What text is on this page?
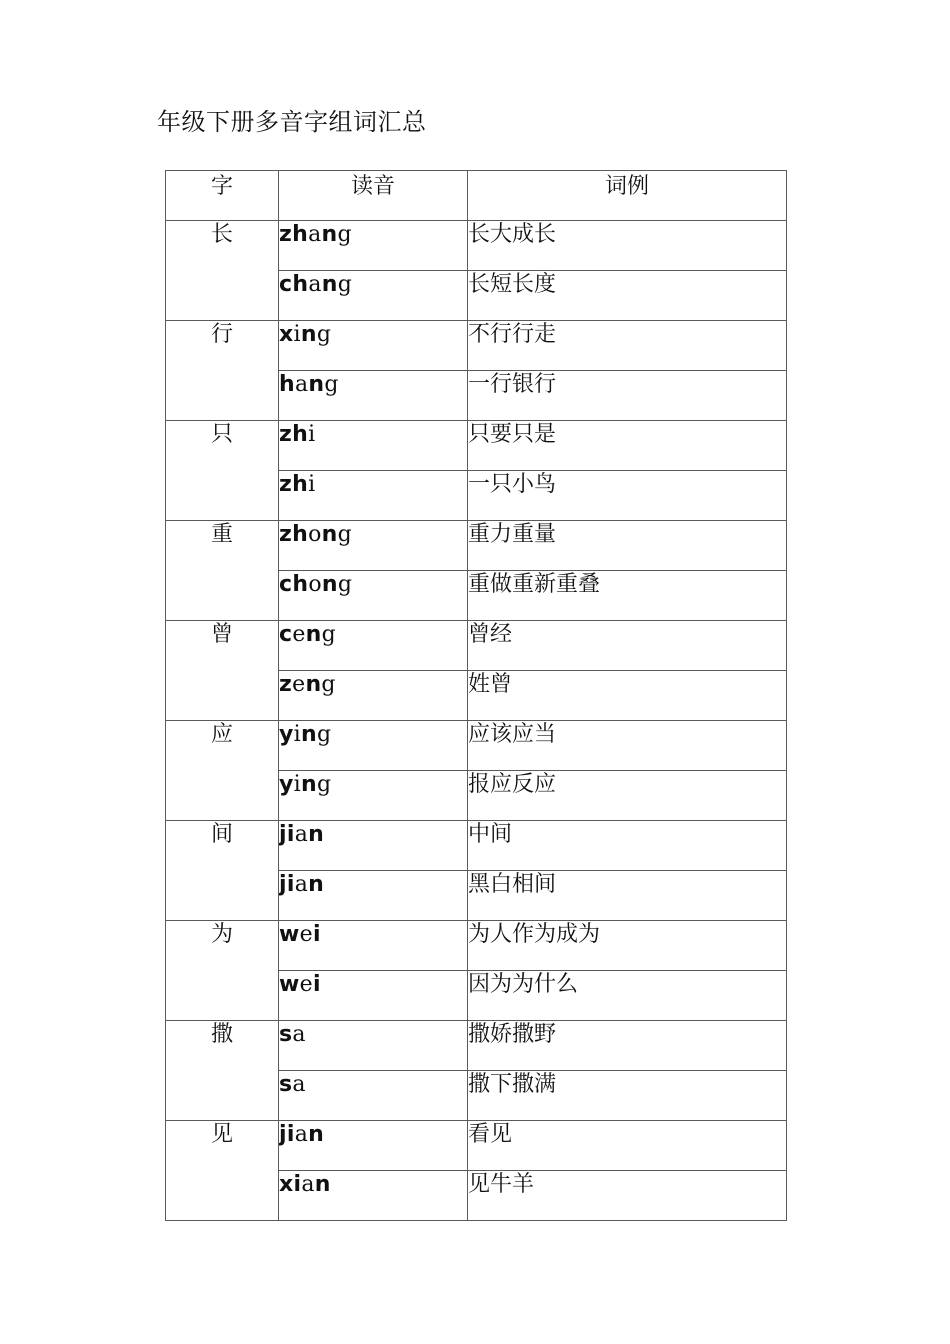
年级下册多音字组词汇总
字	读音	词例
长	zhang	长大成长
	chang	长短长度
行	xing	不行行走
	hang	一行银行
只	zhi	只要只是
	zhi	一只小鸟
重	zhong	重力重量
	chong	重做重新重叠
曾	ceng	曾经
	zeng	姓曾
应	ying	应该应当
	ying	报应反应
间	jian	中间
	jian	黑白相间
为	wei	为人作为成为
	wei	因为为什么
撒	sa	撒娇撒野
	sa	撒下撒满
见	jian	看见
	xian	见牛羊
